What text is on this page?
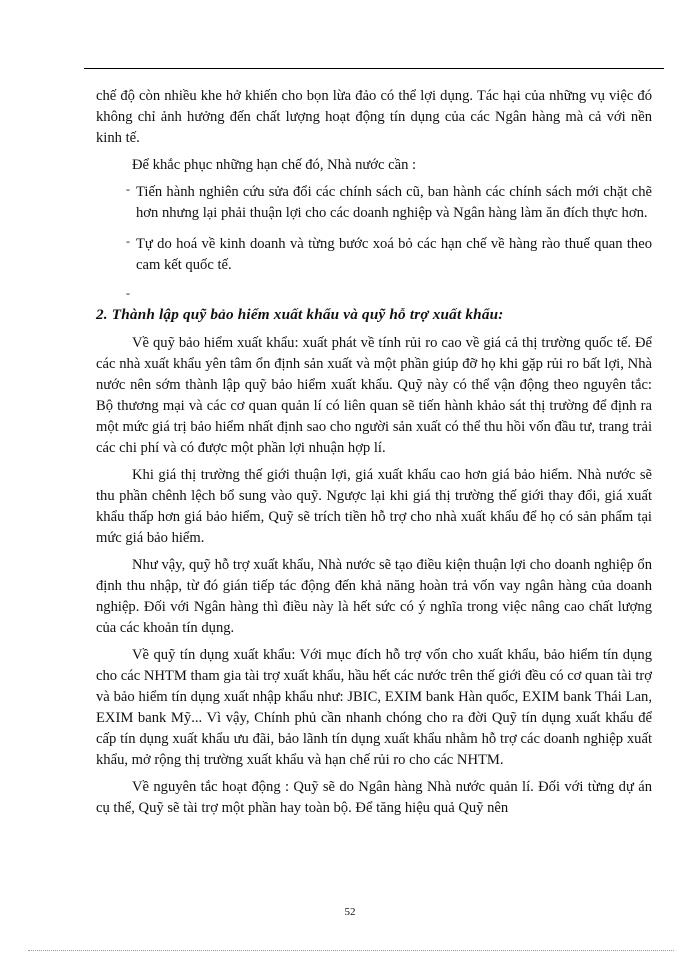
chế độ còn nhiều khe hở khiến cho bọn lừa đảo có thể lợi dụng. Tác hại của những vụ việc đó không chỉ ảnh hưởng đến chất lượng hoạt động tín dụng của các Ngân hàng mà cả với nền kinh tế.

Để khắc phục những hạn chế đó, Nhà nước cần :

- Tiến hành nghiên cứu sửa đổi các chính sách cũ, ban hành các chính sách mới chặt chẽ hơn nhưng lại phải thuận lợi cho các doanh nghiệp và Ngân hàng làm ăn đích thực hơn.
- Tự do hoá về kinh doanh và từng bước xoá bỏ các hạn chế về hàng rào thuế quan theo cam kết quốc tế.
-
2. Thành lập quỹ bảo hiểm xuất khẩu và quỹ hỗ trợ xuất khẩu:

Về quỹ bảo hiểm xuất khẩu: xuất phát về tính rủi ro cao về giá cả thị trường quốc tế. Để các nhà xuất khẩu yên tâm ổn định sản xuất và một phần giúp đỡ họ khi gặp rủi ro bất lợi, Nhà nước nên sớm thành lập quỹ bảo hiểm xuất khẩu. Quỹ này có thể vận động theo nguyên tắc: Bộ thương mại và các cơ quan quản lí có liên quan sẽ tiến hành khảo sát thị trường để định ra một mức giá trị bảo hiểm nhất định sao cho người sản xuất có thể thu hồi vốn đầu tư, trang trải các chi phí và có được một phần lợi nhuận hợp lí.

Khi giá thị trường thế giới thuận lợi, giá xuất khẩu cao hơn giá bảo hiểm. Nhà nước sẽ thu phần chênh lệch bổ sung vào quỹ. Ngược lại khi giá thị trường thế giới thay đổi, giá xuất khẩu thấp hơn giá bảo hiểm, Quỹ sẽ trích tiền hỗ trợ cho nhà xuất khẩu để họ có sản phẩm tại mức giá bảo hiểm.

Như vậy, quỹ hỗ trợ xuất khẩu, Nhà nước sẽ tạo điều kiện thuận lợi cho doanh nghiệp ổn định thu nhập, từ đó gián tiếp tác động đến khả năng hoàn trả vốn vay ngân hàng của doanh nghiệp. Đối với Ngân hàng thì điều này là hết sức có ý nghĩa trong việc nâng cao chất lượng của các khoản tín dụng.

Về quỹ tín dụng xuất khẩu: Với mục đích hỗ trợ vốn cho xuất khẩu, bảo hiểm tín dụng cho các NHTM tham gia tài trợ xuất khẩu, hầu hết các nước trên thế giới đều có cơ quan tài trợ và bảo hiểm tín dụng xuất nhập khẩu như: JBIC, EXIM bank Hàn quốc, EXIM bank Thái Lan, EXIM bank Mỹ... Vì vậy, Chính phủ cần nhanh chóng cho ra đời Quỹ tín dụng xuất khẩu để cấp tín dụng xuất khẩu ưu đãi, bảo lãnh tín dụng xuất khẩu nhằm hỗ trợ các doanh nghiệp xuất khẩu, mở rộng thị trường xuất khẩu và hạn chế rủi ro cho các NHTM.

Về nguyên tắc hoạt động : Quỹ sẽ do Ngân hàng Nhà nước quản lí. Đối với từng dự án cụ thể, Quỹ sẽ tài trợ một phần hay toàn bộ. Để tăng hiệu quả Quỹ nên

52
